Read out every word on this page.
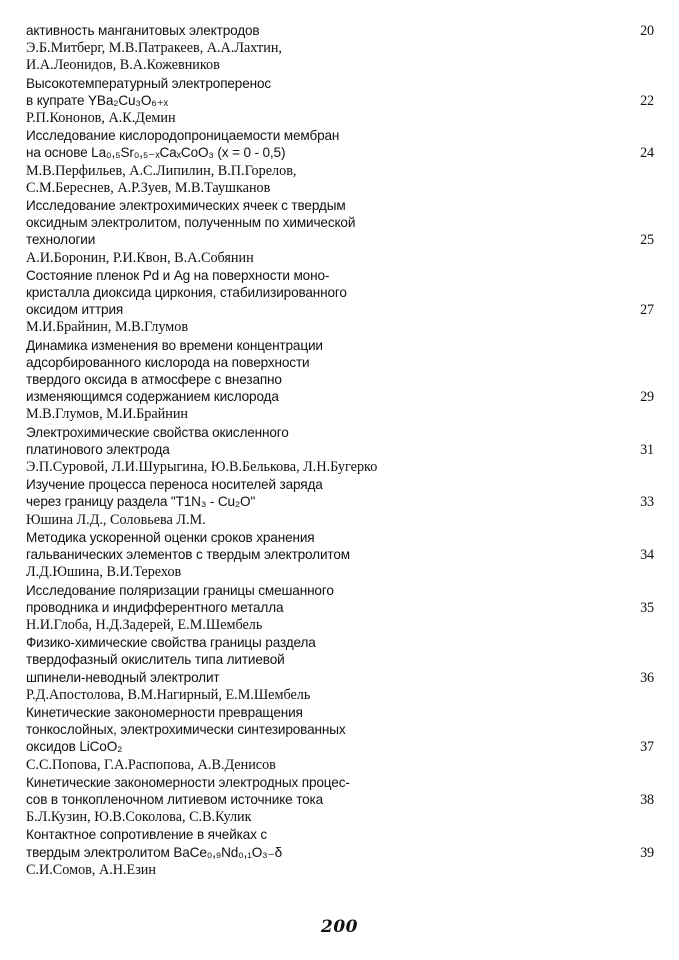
активность манганитовых электродов	20
Э.Б.Митберг, М.В.Патракеев, А.А.Лахтин,
И.А.Леонидов, В.А.Кожевников
Высокотемпературный электроперенос
в купрате YBa₂Cu₃O₆₊ₓ	22
Р.П.Кононов, А.К.Демин
Исследование кислородопроницаемости мембран
на основе La₀,₅Sr₀,₅₋ₓCaₓCoO₃ (x = 0 - 0,5)	24
М.В.Перфильев, А.С.Липилин, В.П.Горелов,
С.М.Береснев, А.Р.Зуев, М.В.Таушканов
Исследование электрохимических ячеек с твердым
оксидным электролитом, полученным по химической
технологии	25
А.И.Боронин, Р.И.Квон, В.А.Собянин
Состояние пленок Pd и Ag на поверхности моно-
кристалла диоксида циркония, стабилизированного
оксидом иттрия	27
М.И.Брайнин, М.В.Глумов
Динамика изменения во времени концентрации
адсорбированного кислорода на поверхности
твердого оксида в атмосфере с внезапно
изменяющимся содержанием кислорода	29
М.В.Глумов, М.И.Брайнин
Электрохимические свойства окисленного
платинового электрода	31
Э.П.Суровой, Л.И.Шурыгина, Ю.В.Белькова, Л.Н.Бугерко
Изучение процесса переноса носителей заряда
через границу раздела "T1N₃ - Cu₂O"	33
Юшина Л.Д., Соловьева Л.М.
Методика ускоренной оценки сроков хранения
гальванических элементов с твердым электролитом	34
Л.Д.Юшина, В.И.Терехов
Исследование поляризации границы смешанного
проводника и индифферентного металла	35
Н.И.Глоба, Н.Д.Задерей, Е.М.Шембель
Физико-химические свойства границы раздела
твердофазный окислитель типа литиевой
шпинели-неводный электролит	36
Р.Д.Апостолова, В.М.Нагирный, Е.М.Шембель
Кинетические закономерности превращения
тонкослойных, электрохимически синтезированных
оксидов LiCoO₂	37
С.С.Попова, Г.А.Распопова, А.В.Денисов
Кинетические закономерности электродных процес-
сов в тонкопленочном литиевом источнике тока	38
Б.Л.Кузин, Ю.В.Соколова, С.В.Кулик
Контактное сопротивление в ячейках с
твердым электролитом BaCe₀,₉Nd₀,₁O₃₋δ	39
С.И.Сомов, А.Н.Езин
200
